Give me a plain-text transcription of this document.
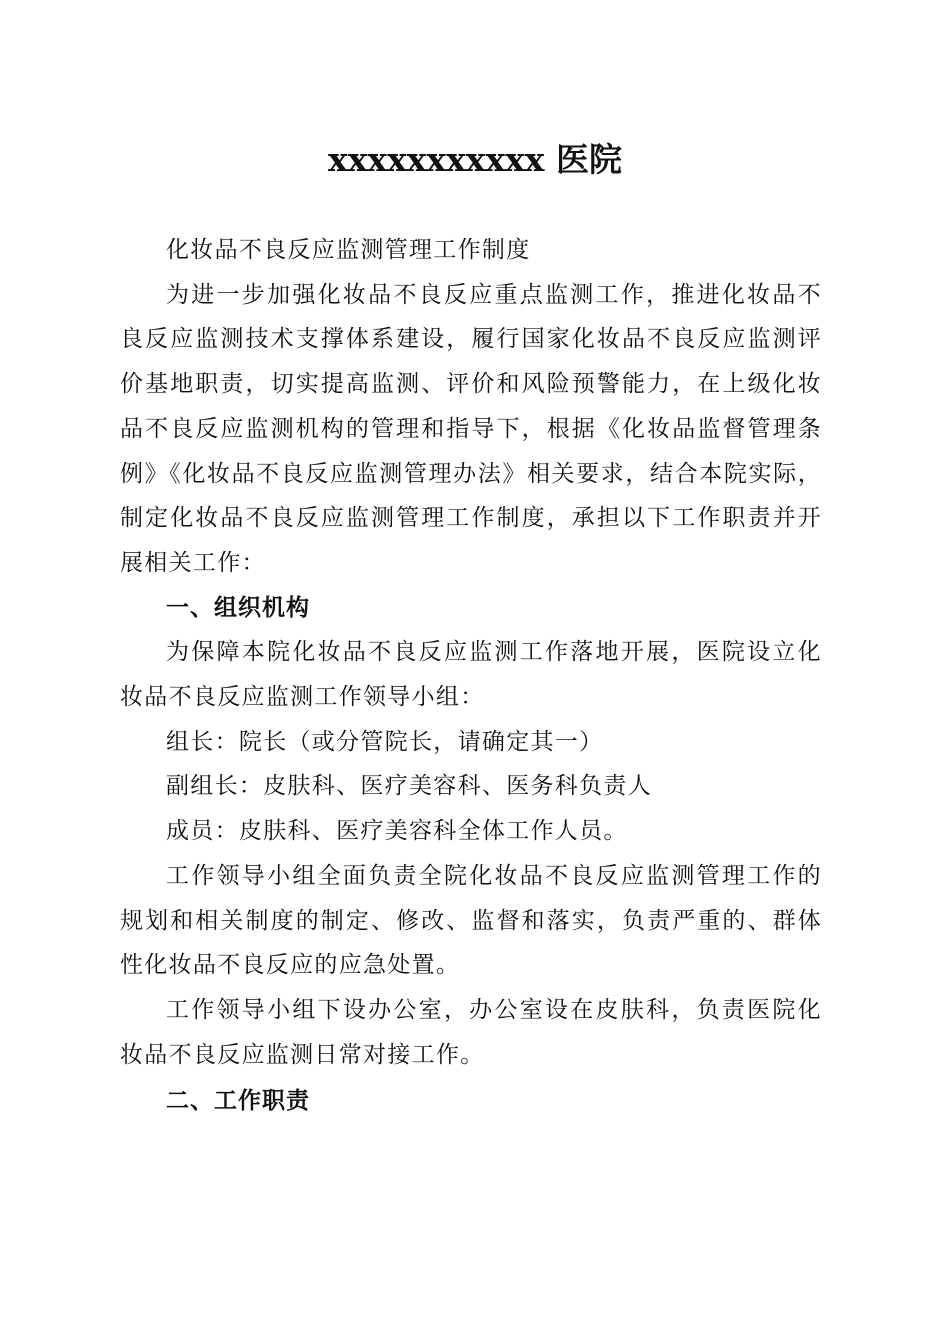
xxxxxxxxxxx 医院

化妆品不良反应监测管理工作制度

为进一步加强化妆品不良反应重点监测工作，推进化妆品不良反应监测技术支撑体系建设，履行国家化妆品不良反应监测评价基地职责，切实提高监测、评价和风险预警能力，在上级化妆品不良反应监测机构的管理和指导下，根据《化妆品监督管理条例》《化妆品不良反应监测管理办法》相关要求，结合本院实际，制定化妆品不良反应监测管理工作制度，承担以下工作职责并开展相关工作：

一、组织机构

为保障本院化妆品不良反应监测工作落地开展，医院设立化妆品不良反应监测工作领导小组：

组长：院长（或分管院长，请确定其一）

副组长：皮肤科、医疗美容科、医务科负责人

成员：皮肤科、医疗美容科全体工作人员。

工作领导小组全面负责全院化妆品不良反应监测管理工作的规划和相关制度的制定、修改、监督和落实，负责严重的、群体性化妆品不良反应的应急处置。

工作领导小组下设办公室，办公室设在皮肤科，负责医院化妆品不良反应监测日常对接工作。

二、工作职责
